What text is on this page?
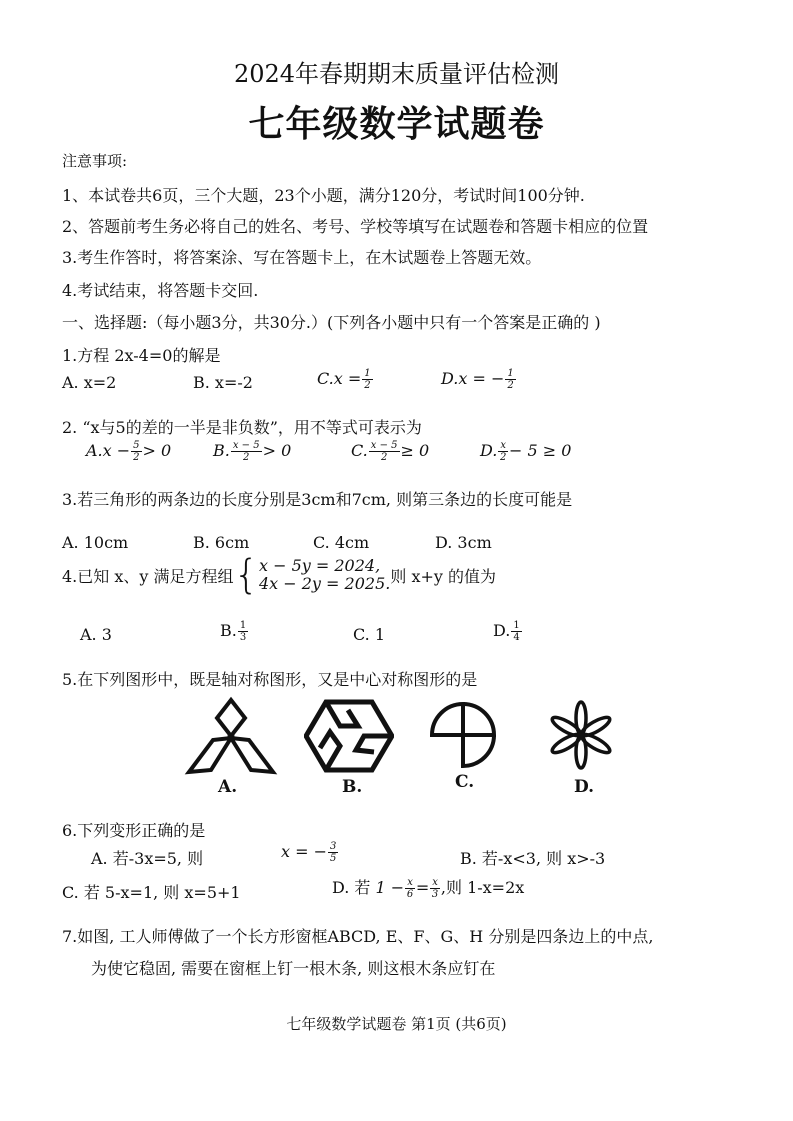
2024年春期期末质量评估检测
七年级数学试题卷
注意事项:
1、本试卷共6页，三个大题，23个小题，满分120分，考试时间100分钟.
2、答题前考生务必将自己的姓名、考号、学校等填写在试题卷和答题卡相应的位置
3.考生作答时，将答案涂、写在答题卡上，在木试题卷上答题无效。
4.考试结束，将答题卡交回.
一、选择题:（每小题3分，共30分.）(下列各小题中只有一个答案是正确的 )
1.方程 2x-4=0的解是
A. x=2	B. x=-2	$C.x = \frac{1}{2}$	D.x = − $\frac{1}{2}$
2. “x与5的差的一半是非负数”，用不等式可表示为
$A.x - \frac{5}{2} > 0$	B. $\frac{x - 5}{2} > 0$	C. $\frac{x - 5}{2} \ge 0$	D. $\frac{x}{2} - 5 \ge 0$
3.若三角形的两条边的长度分别是3cm和7cm, 则第三条边的长度可能是
A. 10cm	B. 6cm	C. 4cm	D. 3cm
4.已知 x、y 满足方程组 { x − 5y = 2024,
4x − 2y = 2025. 则 x+y 的值为
A. 3	B. $\frac{1}{3}$	C. 1	D. $\frac{1}{4}$
5.在下列图形中，既是轴对称图形，又是中心对称图形的是
A.	B.	C.	D.
6.下列变形正确的是
A. 若-3x=5, 则	x = − $\frac{3}{5}$	B. 若-x<3, 则 x>-3
C. 若 5-x=1, 则 x=5+1	D. 若 $1 - \frac{x}{6} = \frac{x}{3}$ ,则 1-x=2x
7.如图, 工人师傅做了一个长方形窗框ABCD, E、F、G、H 分别是四条边上的中点,
为使它稳固, 需要在窗框上钉一根木条, 则这根木条应钉在
七年级数学试题卷 第1页 (共6页)
